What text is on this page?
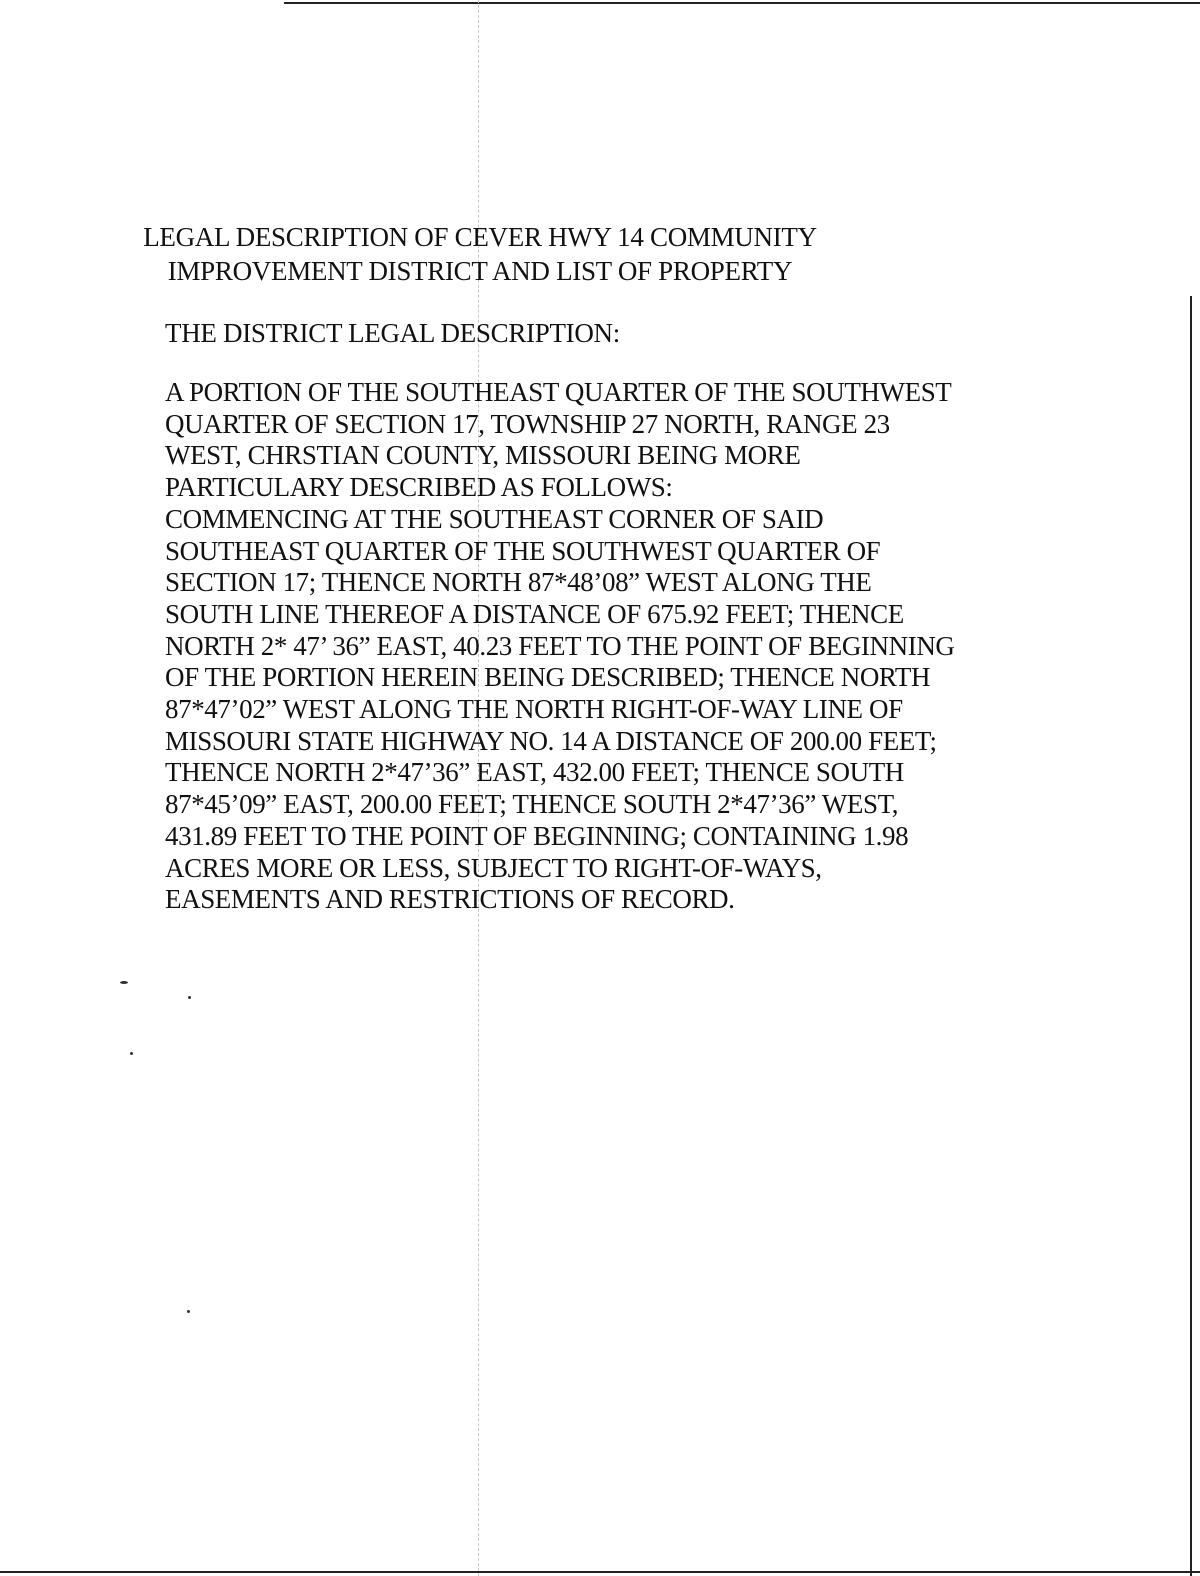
LEGAL DESCRIPTION OF CEVER HWY 14 COMMUNITY
IMPROVEMENT DISTRICT AND LIST OF PROPERTY
THE DISTRICT LEGAL DESCRIPTION:
A PORTION OF THE SOUTHEAST QUARTER OF THE SOUTHWEST
QUARTER OF SECTION 17, TOWNSHIP 27 NORTH, RANGE 23
WEST, CHRSTIAN COUNTY, MISSOURI BEING MORE
PARTICULARY DESCRIBED AS FOLLOWS:
COMMENCING AT THE SOUTHEAST CORNER OF SAID
SOUTHEAST QUARTER OF THE SOUTHWEST QUARTER OF
SECTION 17; THENCE NORTH 87*48’08” WEST ALONG THE
SOUTH LINE THEREOF A DISTANCE OF 675.92 FEET; THENCE
NORTH 2* 47’ 36” EAST, 40.23 FEET TO THE POINT OF BEGINNING
OF THE PORTION HEREIN BEING DESCRIBED; THENCE NORTH
87*47’02” WEST ALONG THE NORTH RIGHT-OF-WAY LINE OF
MISSOURI STATE HIGHWAY NO. 14 A DISTANCE OF 200.00 FEET;
THENCE NORTH 2*47’36” EAST, 432.00 FEET; THENCE SOUTH
87*45’09” EAST, 200.00 FEET; THENCE SOUTH 2*47’36” WEST,
431.89 FEET TO THE POINT OF BEGINNING; CONTAINING 1.98
ACRES MORE OR LESS, SUBJECT TO RIGHT-OF-WAYS,
EASEMENTS AND RESTRICTIONS OF RECORD.
